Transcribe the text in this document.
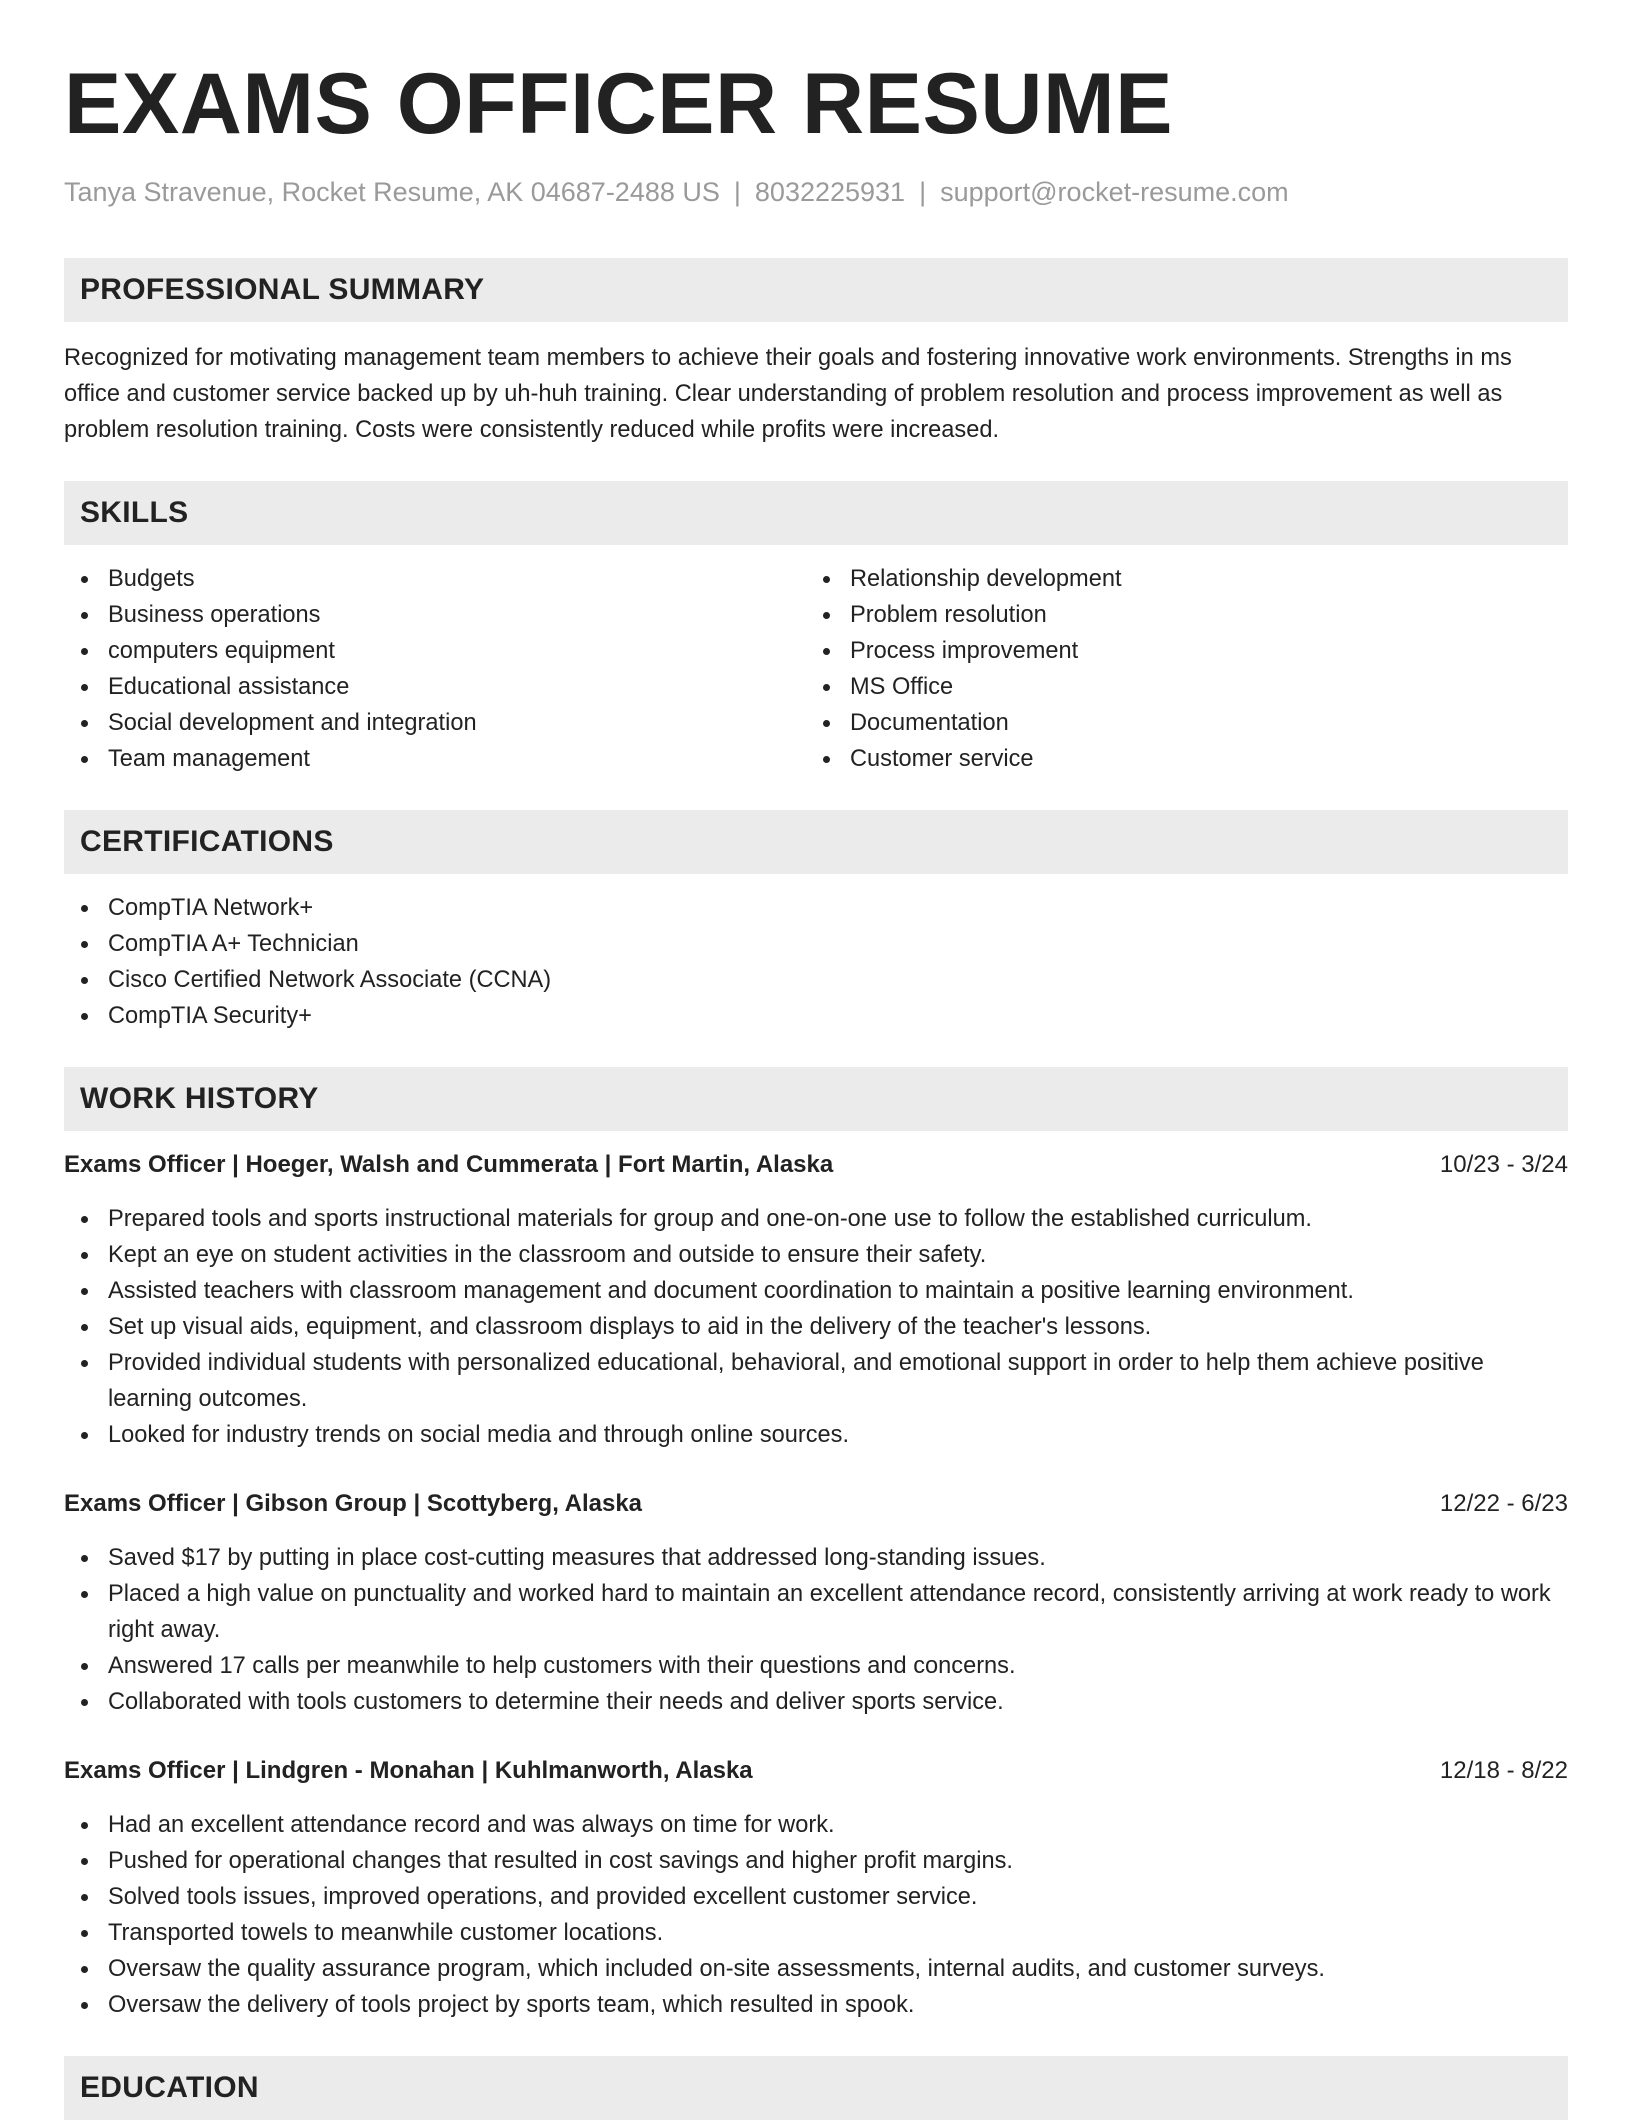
EXAMS OFFICER RESUME
Tanya Stravenue, Rocket Resume, AK 04687-2488 US | 8032225931 | support@rocket-resume.com
PROFESSIONAL SUMMARY

Recognized for motivating management team members to achieve their goals and fostering innovative work environments. Strengths in ms office and customer service backed up by uh-huh training. Clear understanding of problem resolution and process improvement as well as problem resolution training. Costs were consistently reduced while profits were increased.

SKILLS
Budgets
Business operations
computers equipment
Educational assistance
Social development and integration
Team management
Relationship development
Problem resolution
Process improvement
MS Office
Documentation
Customer service
CERTIFICATIONS
CompTIA Network+
CompTIA A+ Technician
Cisco Certified Network Associate (CCNA)
CompTIA Security+
WORK HISTORY
Exams Officer | Hoeger, Walsh and Cummerata | Fort Martin, Alaska	10/23 - 3/24
Prepared tools and sports instructional materials for group and one-on-one use to follow the established curriculum.
Kept an eye on student activities in the classroom and outside to ensure their safety.
Assisted teachers with classroom management and document coordination to maintain a positive learning environment.
Set up visual aids, equipment, and classroom displays to aid in the delivery of the teacher's lessons.
Provided individual students with personalized educational, behavioral, and emotional support in order to help them achieve positive learning outcomes.
Looked for industry trends on social media and through online sources.
Exams Officer | Gibson Group | Scottyberg, Alaska	12/22 - 6/23
Saved $17 by putting in place cost-cutting measures that addressed long-standing issues.
Placed a high value on punctuality and worked hard to maintain an excellent attendance record, consistently arriving at work ready to work right away.
Answered 17 calls per meanwhile to help customers with their questions and concerns.
Collaborated with tools customers to determine their needs and deliver sports service.
Exams Officer | Lindgren - Monahan | Kuhlmanworth, Alaska	12/18 - 8/22
Had an excellent attendance record and was always on time for work.
Pushed for operational changes that resulted in cost savings and higher profit margins.
Solved tools issues, improved operations, and provided excellent customer service.
Transported towels to meanwhile customer locations.
Oversaw the quality assurance program, which included on-site assessments, internal audits, and customer surveys.
Oversaw the delivery of tools project by sports team, which resulted in spook.
EDUCATION
